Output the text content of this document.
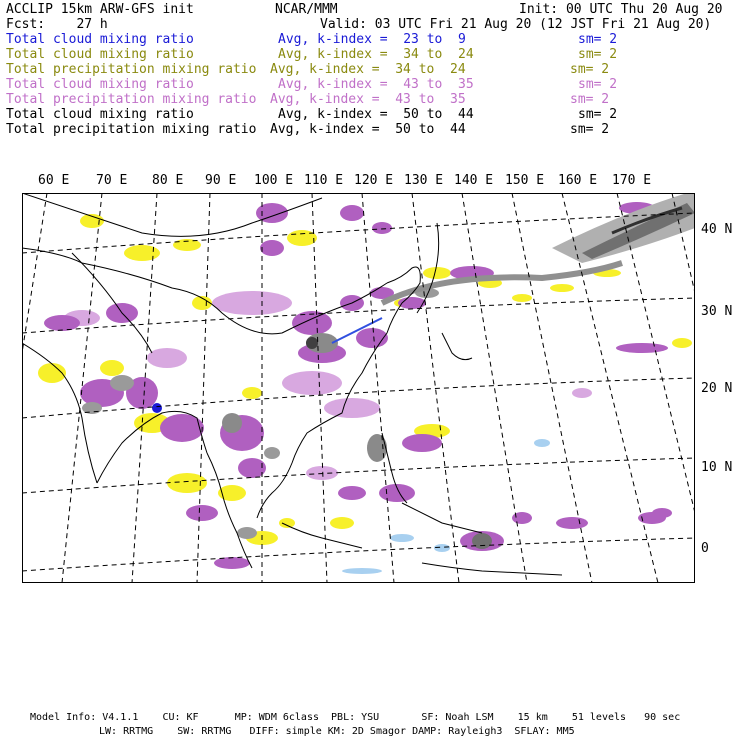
ACCLIP 15km ARW-GFS init	NCAR/MMM	Init: 00 UTC Thu 20 Aug 20
Fcst:    27 h	Valid: 03 UTC Fri 21 Aug 20 (12 JST Fri 21 Aug 20)
Total cloud mixing ratio	Avg, k-index =  23 to  9	sm= 2
Total cloud mixing ratio	Avg, k-index =  34 to  24	sm= 2
Total precipitation mixing ratio Avg, k-index =  34 to  24	sm= 2
Total cloud mixing ratio	Avg, k-index =  43 to  35	sm= 2
Total precipitation mixing ratio Avg, k-index =  43 to  35	sm= 2
Total cloud mixing ratio	Avg, k-index =  50 to  44	sm= 2
Total precipitation mixing ratio Avg, k-index =  50 to  44	sm= 2
60 E 70 E 80 E 90 E 100 E 110 E 120 E 130 E 140 E 150 E 160 E 170 E
40 N
30 N
20 N
10 N
0
Model Info: V4.1.1    CU: KF      MP: WDM 6class  PBL: YSU       SF: Noah LSM    15 km    51 levels   90 sec
LW: RRTMG    SW: RRTMG   DIFF: simple KM: 2D Smagor DAMP: Rayleigh3  SFLAY: MM5
